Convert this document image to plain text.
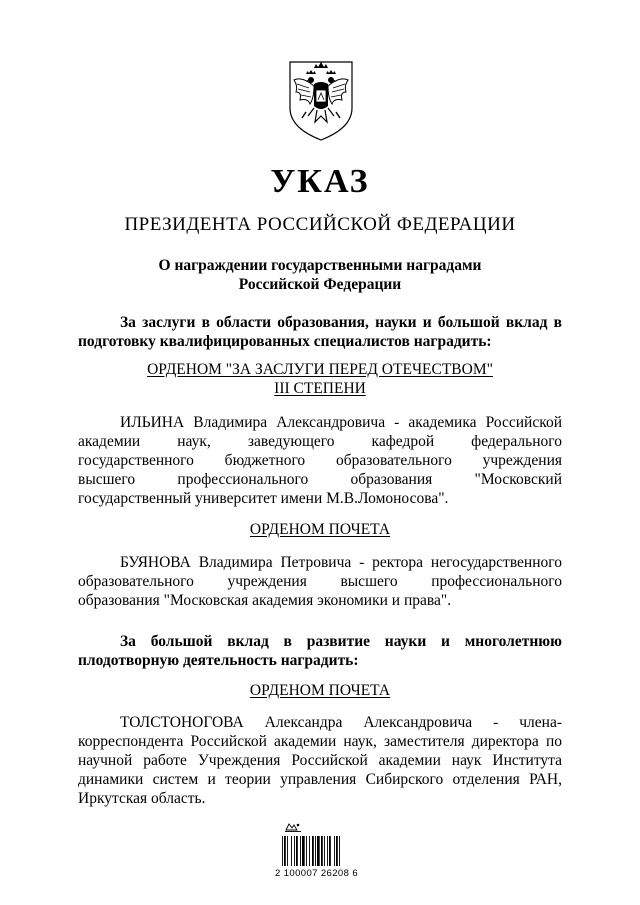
УКАЗ
ПРЕЗИДЕНТА РОССИЙСКОЙ ФЕДЕРАЦИИ
О награждении государственными наградами
Российской Федерации
За заслуги в области образования, науки и большой вклад в
подготовку квалифицированных специалистов наградить:
ОРДЕНОМ "ЗА ЗАСЛУГИ ПЕРЕД ОТЕЧЕСТВОМ"
III СТЕПЕНИ
ИЛЬИНА Владимира Александровича - академика Российской
академии наук, заведующего кафедрой федерального
государственного бюджетного образовательного учреждения
высшего профессионального образования "Московский
государственный университет имени М.В.Ломоносова".
ОРДЕНОМ ПОЧЕТА
БУЯНОВА Владимира Петровича - ректора негосударственного
образовательного учреждения высшего профессионального
образования "Московская академия экономики и права".
За большой вклад в развитие науки и многолетнюю
плодотворную деятельность наградить:
ОРДЕНОМ ПОЧЕТА
ТОЛСТОНОГОВА Александра Александровича - члена-
корреспондента Российской академии наук, заместителя директора по
научной работе Учреждения Российской академии наук Института
динамики систем и теории управления Сибирского отделения РАН,
Иркутская область.
2 100007 26208 6
